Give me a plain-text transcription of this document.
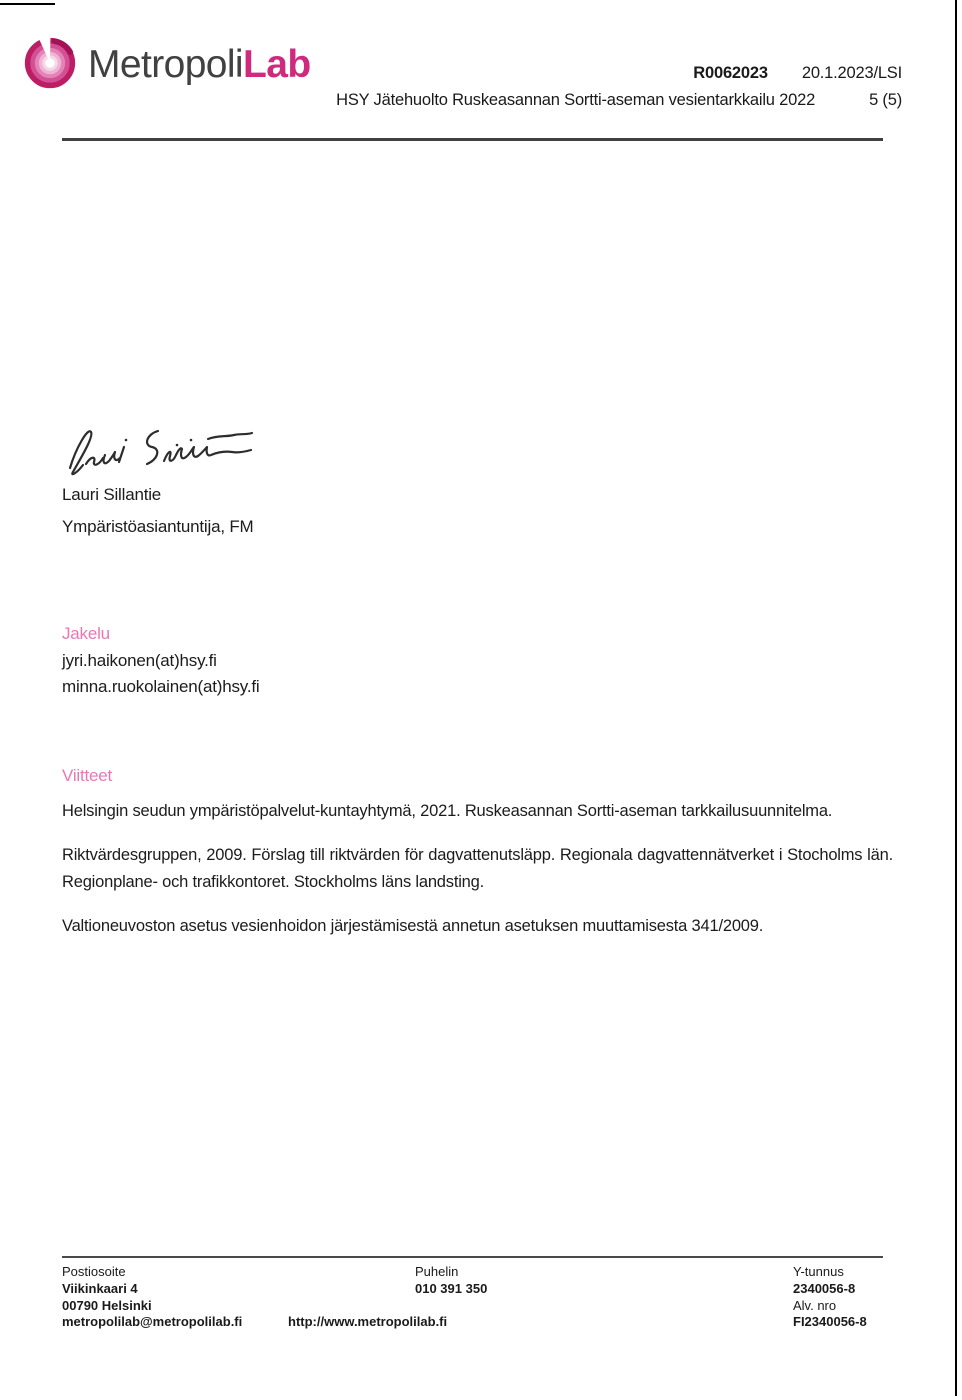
MetropoliLab	R0062023 20.1.2023/LSI
HSY Jätehuolto Ruskeasannan Sortti-aseman vesientarkkailu 2022	5 (5)
Lauri Sillantie
Ympäristöasiantuntija, FM
Jakelu
jyri.haikonen(at)hsy.fi
minna.ruokolainen(at)hsy.fi
Viitteet

Helsingin seudun ympäristöpalvelut-kuntayhtymä, 2021. Ruskeasannan Sortti-aseman tarkkailusuunnitelma.

Riktvärdesgruppen, 2009. Förslag till riktvärden för dagvattenutsläpp. Regionala dagvattennätverket i Stocholms län. Regionplane- och trafikkontoret. Stockholms läns landsting.

Valtioneuvoston asetus vesienhoidon järjestämisestä annetun asetuksen muuttamisesta 341/2009.

Postiosoite
Viikinkaari 4
00790 Helsinki
metropolilab@metropolilab.fi
Puhelin
010 391 350
http://www.metropolilab.fi
Y-tunnus
2340056-8
Alv. nro
FI2340056-8
